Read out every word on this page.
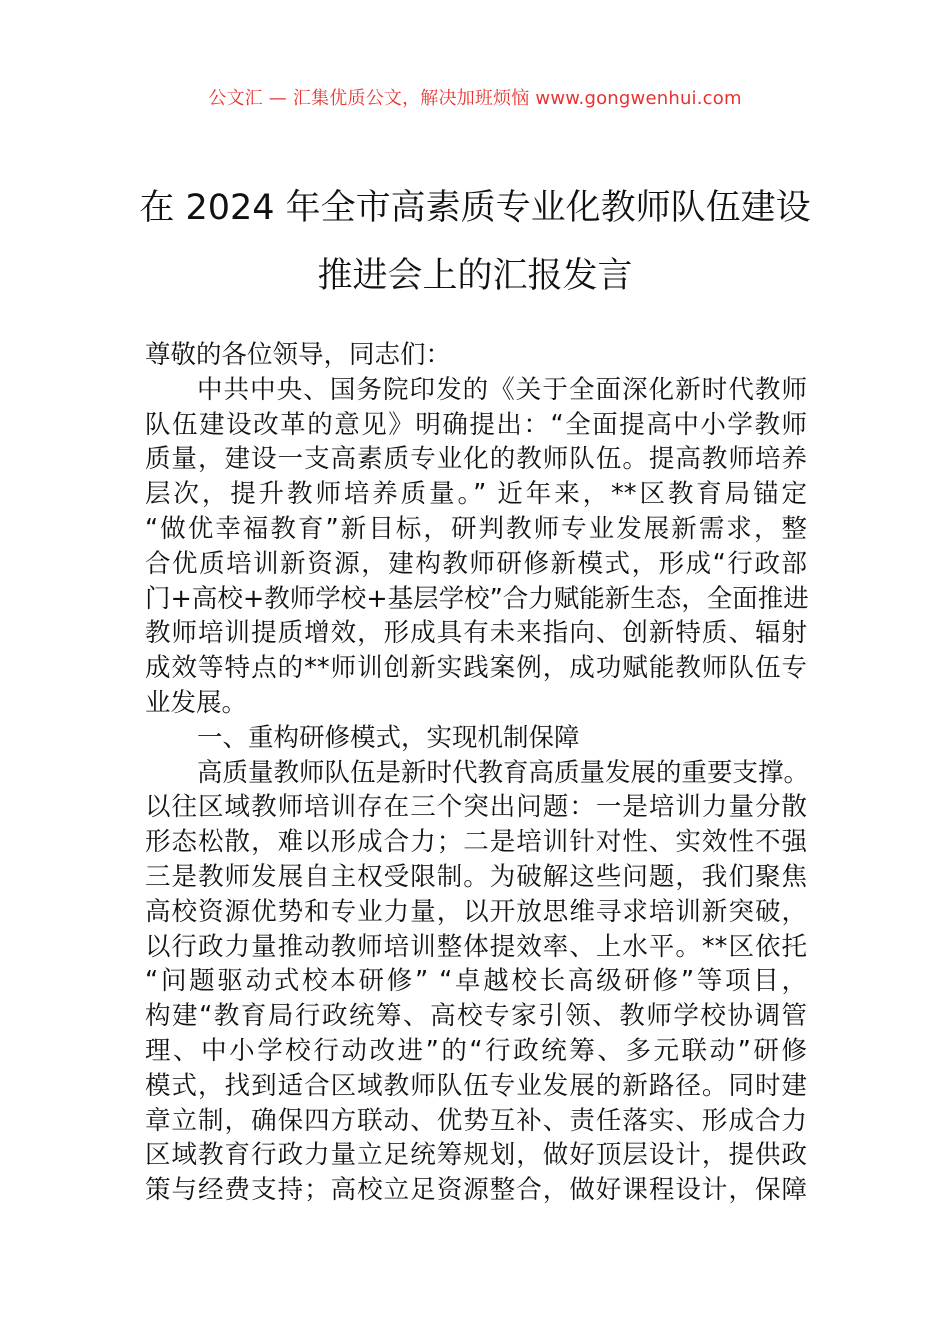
公文汇 — 汇集优质公文，解决加班烦恼 www.gongwenhui.com
在 2024 年全市高素质专业化教师队伍建设
推进会上的汇报发言
尊敬的各位领导，同志们：
中共中央、国务院印发的《关于全面深化新时代教师
队伍建设改革的意见》明确提出：“全面提高中小学教师
质量，建设一支高素质专业化的教师队伍。提高教师培养
层次，提升教师培养质量。” 近年来，**区教育局锚定
“做优幸福教育”新目标，研判教师专业发展新需求，整
合优质培训新资源，建构教师研修新模式，形成“行政部
门+高校+教师学校+基层学校”合力赋能新生态，全面推进
教师培训提质增效，形成具有未来指向、创新特质、辐射
成效等特点的**师训创新实践案例，成功赋能教师队伍专
业发展。
一、重构研修模式，实现机制保障
高质量教师队伍是新时代教育高质量发展的重要支撑。
以往区域教师培训存在三个突出问题：一是培训力量分散
形态松散，难以形成合力；二是培训针对性、实效性不强
三是教师发展自主权受限制。为破解这些问题，我们聚焦
高校资源优势和专业力量，以开放思维寻求培训新突破，
以行政力量推动教师培训整体提效率、上水平。**区依托
“问题驱动式校本研修” “卓越校长高级研修”等项目，
构建“教育局行政统筹、高校专家引领、教师学校协调管
理、中小学校行动改进”的“行政统筹、多元联动”研修
模式，找到适合区域教师队伍专业发展的新路径。同时建
章立制，确保四方联动、优势互补、责任落实、形成合力
区域教育行政力量立足统筹规划，做好顶层设计，提供政
策与经费支持；高校立足资源整合，做好课程设计，保障
